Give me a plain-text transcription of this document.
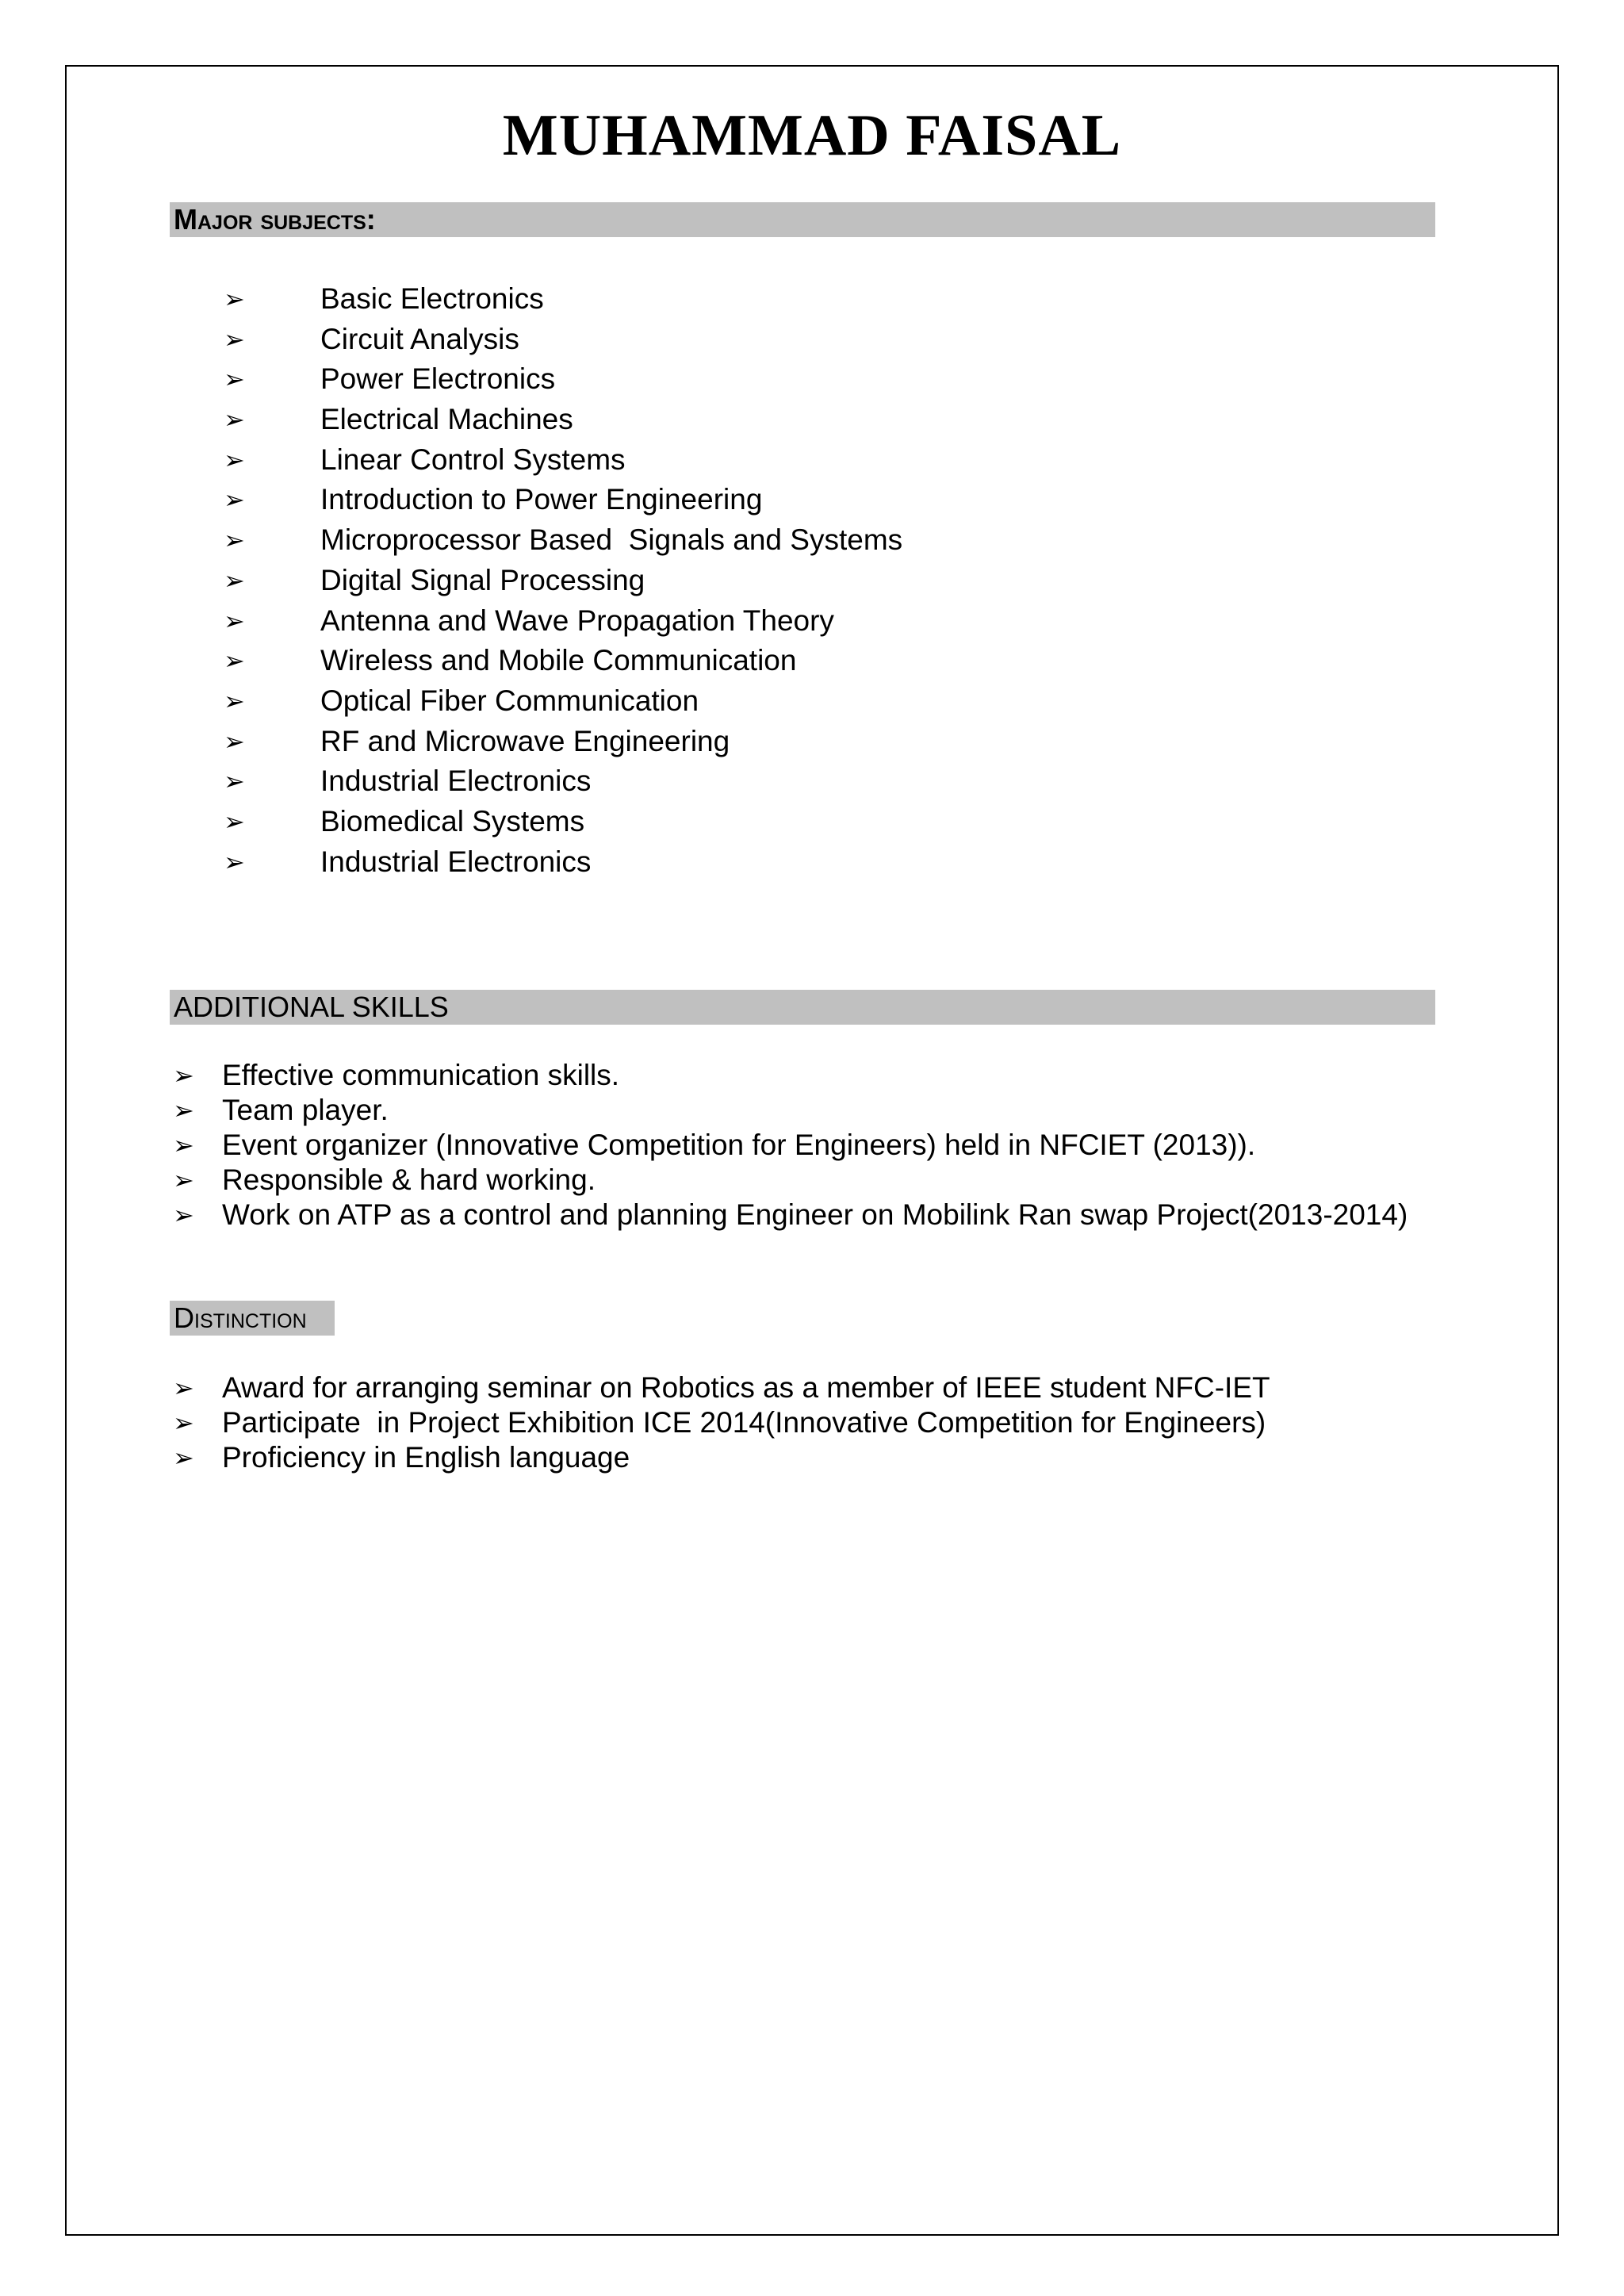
MUHAMMAD FAISAL
Major subjects:
➢	Basic Electronics
➢	Circuit Analysis
➢	Power Electronics
➢	Electrical Machines
➢	Linear Control Systems
➢	Introduction to Power Engineering
➢	Microprocessor Based  Signals and Systems
➢	Digital Signal Processing
➢	Antenna and Wave Propagation Theory
➢	Wireless and Mobile Communication
➢	Optical Fiber Communication
➢	RF and Microwave Engineering
➢	Industrial Electronics
➢	Biomedical Systems
➢	Industrial Electronics
ADDITIONAL SKILLS
➢ Effective communication skills.
➢ Team player.
➢ Event organizer (Innovative Competition for Engineers) held in NFCIET (2013)).
➢ Responsible & hard working.
➢ Work on ATP as a control and planning Engineer on Mobilink Ran swap Project(2013-2014)
Distinction
➢ Award for arranging seminar on Robotics as a member of IEEE student NFC-IET
➢ Participate  in Project Exhibition ICE 2014(Innovative Competition for Engineers)
➢ Proficiency in English language
